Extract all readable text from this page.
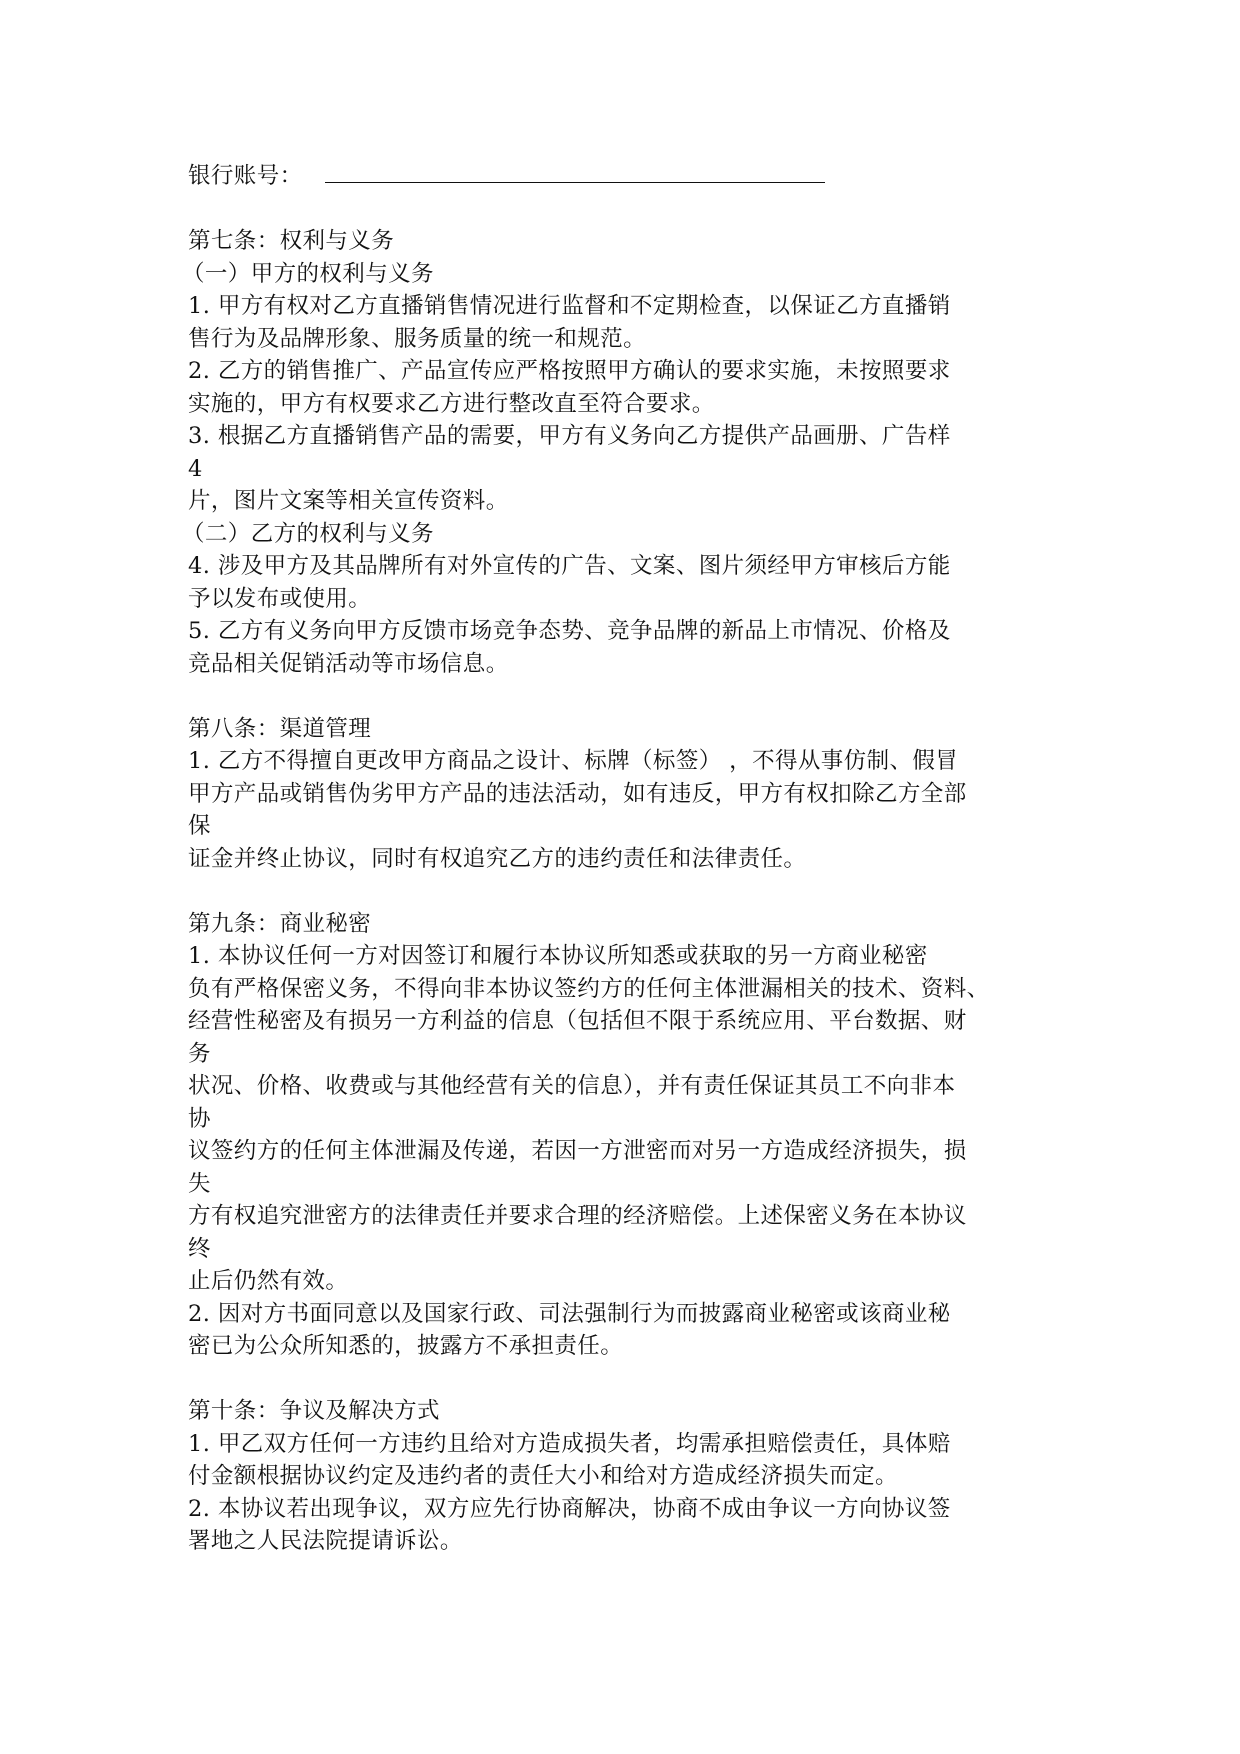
银行账号：
第七条：权利与义务
（一）甲方的权利与义务
1. 甲方有权对乙方直播销售情况进行监督和不定期检查，以保证乙方直播销
售行为及品牌形象、服务质量的统一和规范。
2. 乙方的销售推广、产品宣传应严格按照甲方确认的要求实施，未按照要求
实施的，甲方有权要求乙方进行整改直至符合要求。
3. 根据乙方直播销售产品的需要，甲方有义务向乙方提供产品画册、广告样
4
片，图片文案等相关宣传资料。
（二）乙方的权利与义务
4. 涉及甲方及其品牌所有对外宣传的广告、文案、图片须经甲方审核后方能
予以发布或使用。
5. 乙方有义务向甲方反馈市场竞争态势、竞争品牌的新品上市情况、价格及
竞品相关促销活动等市场信息。
第八条：渠道管理
1. 乙方不得擅自更改甲方商品之设计、标牌（标签） ，不得从事仿制、假冒
甲方产品或销售伪劣甲方产品的违法活动，如有违反，甲方有权扣除乙方全部
保
证金并终止协议，同时有权追究乙方的违约责任和法律责任。
第九条：商业秘密
1. 本协议任何一方对因签订和履行本协议所知悉或获取的另一方商业秘密
负有严格保密义务，不得向非本协议签约方的任何主体泄漏相关的技术、资料、
经营性秘密及有损另一方利益的信息（包括但不限于系统应用、平台数据、财
务
状况、价格、收费或与其他经营有关的信息），并有责任保证其员工不向非本
协
议签约方的任何主体泄漏及传递，若因一方泄密而对另一方造成经济损失，损
失
方有权追究泄密方的法律责任并要求合理的经济赔偿。上述保密义务在本协议
终
止后仍然有效。
2. 因对方书面同意以及国家行政、司法强制行为而披露商业秘密或该商业秘
密已为公众所知悉的，披露方不承担责任。
第十条：争议及解决方式
1. 甲乙双方任何一方违约且给对方造成损失者，均需承担赔偿责任，具体赔
付金额根据协议约定及违约者的责任大小和给对方造成经济损失而定。
2. 本协议若出现争议，双方应先行协商解决，协商不成由争议一方向协议签
署地之人民法院提请诉讼。
